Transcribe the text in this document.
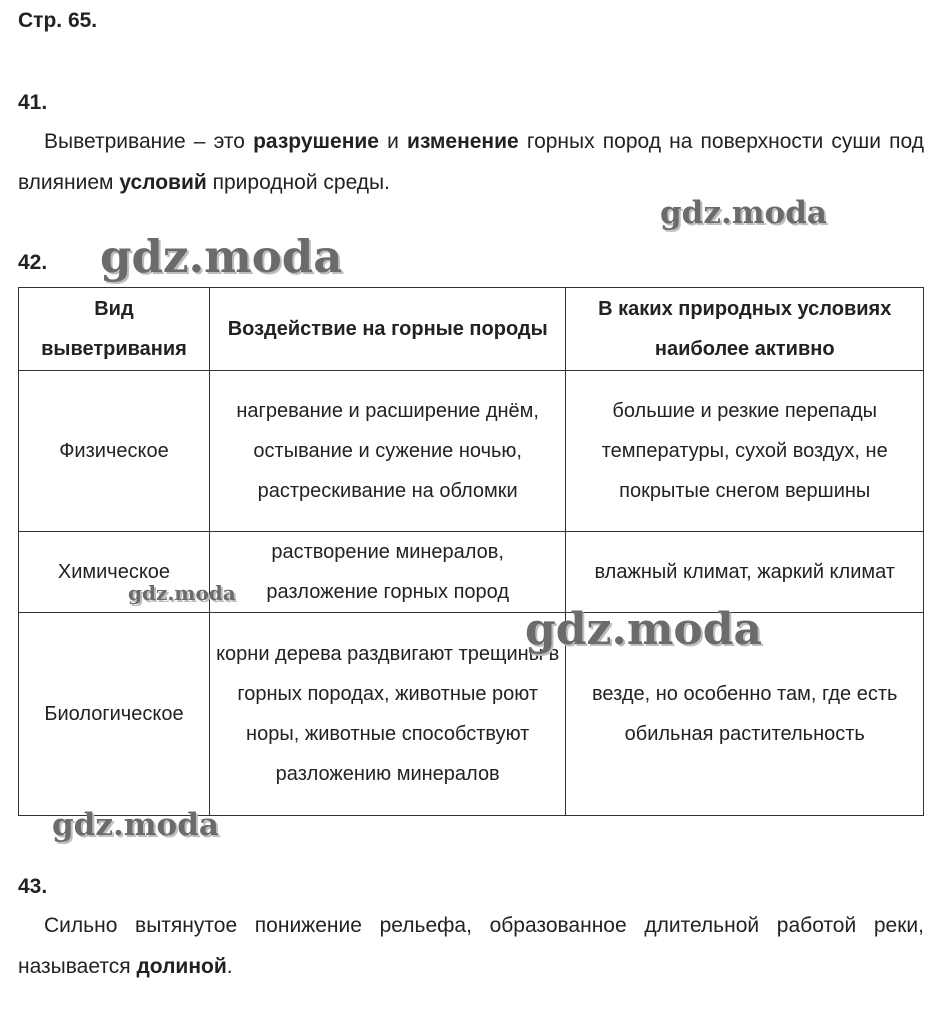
Стр. 65.

41.

Выветривание – это разрушение и изменение горных пород на поверхности суши под влиянием условий природной среды.

42.

Вид выветривания	Воздействие на горные породы	В каких природных условиях наиболее активно
Физическое	нагревание и расширение днём, остывание и сужение ночью, растрескивание на обломки	большие и резкие перепады температуры, сухой воздух, не покрытые снегом вершины
Химическое	растворение минералов, разложение горных пород	влажный климат, жаркий климат
Биологическое	корни дерева раздвигают трещины в горных породах, животные роют норы, животные способствуют разложению минералов	везде, но особенно там, где есть обильная растительность

43.

Сильно вытянутое понижение рельефа, образованное длительной работой реки, называется долиной.

gdz.moda
gdz.moda
gdz.moda
gdz.moda
gdz.moda
